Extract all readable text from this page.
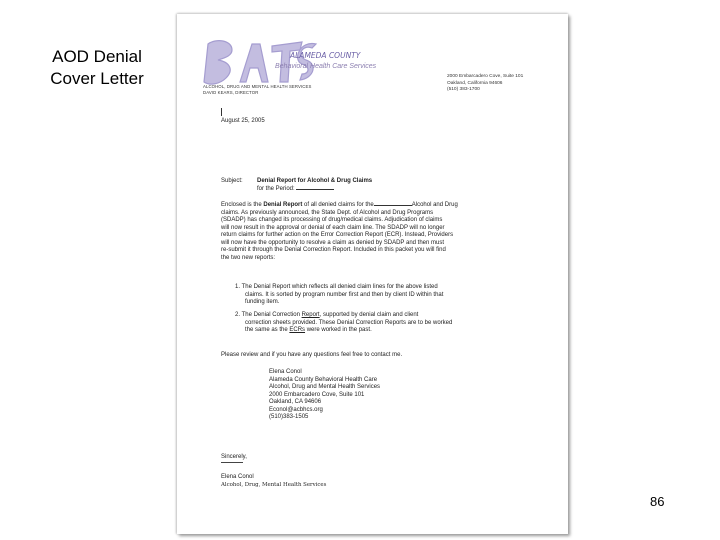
AOD Denial
Cover Letter
ALAMEDA COUNTY
Behavioral Health Care Services
ALCOHOL, DRUG AND MENTAL HEALTH SERVICES
DAVID KEARS, DIRECTOR
2000 Embarcadero Cove, Suite 101
Oakland, California 94606
(510) 383-1700
August 25, 2005
Subject: Denial Report for Alcohol & Drug Claims
for the Period:
Enclosed is the Denial Report of all denied claims for the	Alcohol and Drug
claims. As previously announced, the State Dept. of Alcohol and Drug Programs
(SDADP) has changed its processing of drug/medical claims. Adjudication of claims
will now result in the approval or denial of each claim line. The SDADP will no longer
return claims for further action on the Error Correction Report (ECR). Instead, Providers
will now have the opportunity to resolve a claim as denied by SDADP and then must
re-submit it through the Denial Correction Report. Included in this packet you will find
the two new reports:
1. The Denial Report which reflects all denied claim lines for the above listed
claims. It is sorted by program number first and then by client ID within that
funding item.
2. The Denial Correction Report, supported by denial claim and client
correction sheets provided. These Denial Correction Reports are to be worked
the same as the ECRs were worked in the past.
Please review and if you have any questions feel free to contact me.
Elena Conol
Alameda County Behavioral Health Care
Alcohol, Drug and Mental Health Services
2000 Embarcadero Cove, Suite 101
Oakland, CA 94606
Econol@acbhcs.org
(510)383-1505
Sincerely,
Elena Conol
Alcohol, Drug, Mental Health Services
86
